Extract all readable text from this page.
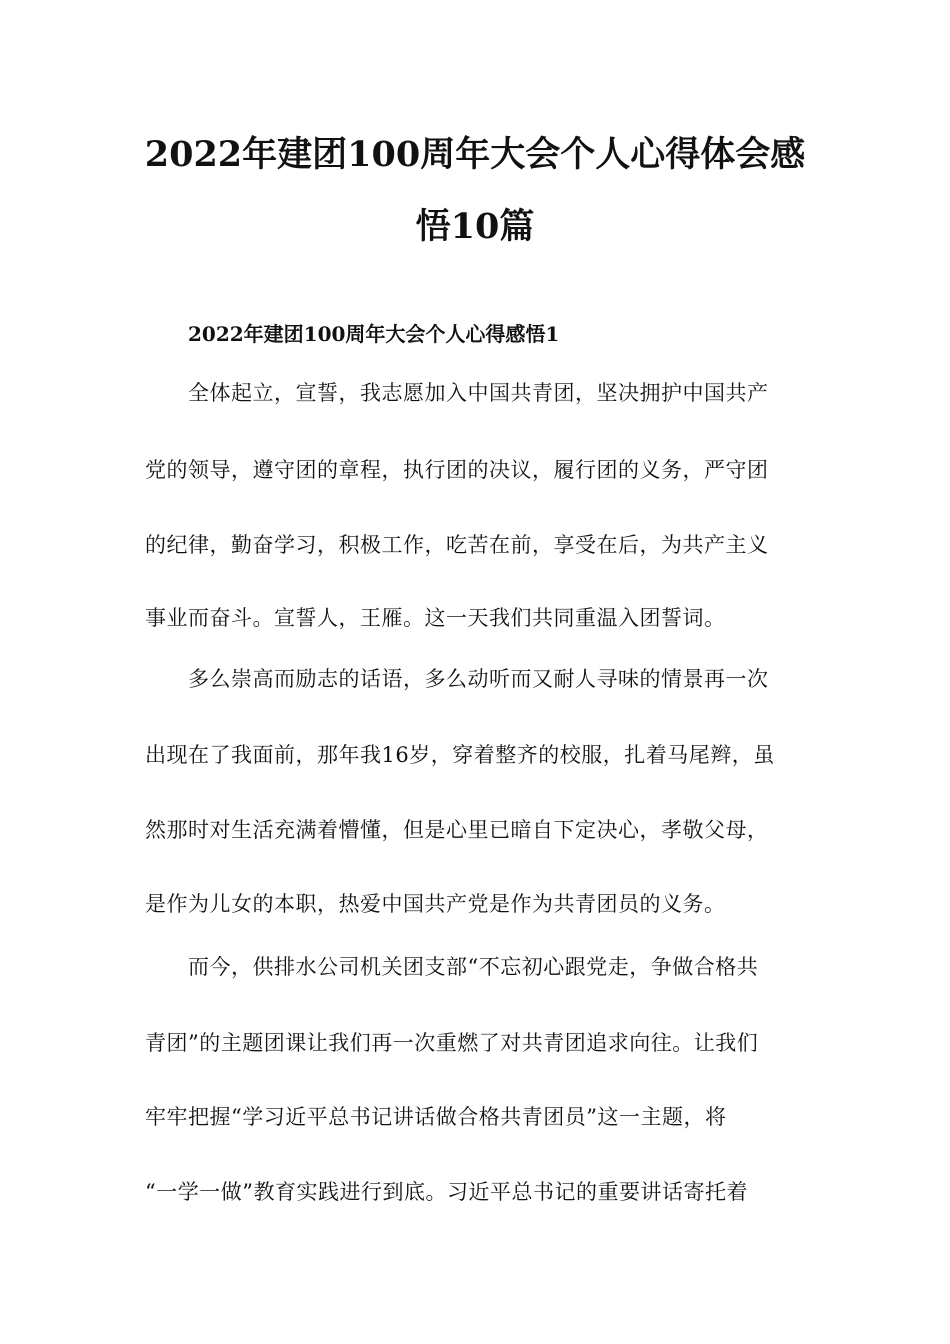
2022年建团100周年大会个人心得体会感
悟10篇
2022年建团100周年大会个人心得感悟1
全体起立，宣誓，我志愿加入中国共青团，坚决拥护中国共产
党的领导，遵守团的章程，执行团的决议，履行团的义务，严守团
的纪律，勤奋学习，积极工作，吃苦在前，享受在后，为共产主义
事业而奋斗。宣誓人，王雁。这一天我们共同重温入团誓词。
多么崇高而励志的话语，多么动听而又耐人寻味的情景再一次
出现在了我面前，那年我16岁，穿着整齐的校服，扎着马尾辫，虽
然那时对生活充满着懵懂，但是心里已暗自下定决心，孝敬父母，
是作为儿女的本职，热爱中国共产党是作为共青团员的义务。
而今，供排水公司机关团支部“不忘初心跟党走，争做合格共
青团”的主题团课让我们再一次重燃了对共青团追求向往。让我们
牢牢把握“学习近平总书记讲话做合格共青团员”这一主题，将
“一学一做”教育实践进行到底。习近平总书记的重要讲话寄托着
